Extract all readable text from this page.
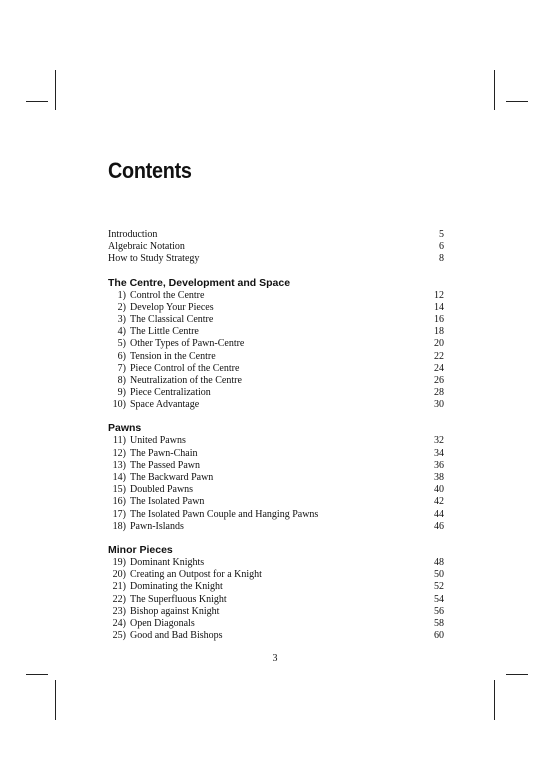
Contents
Introduction	5
Algebraic Notation	6
How to Study Strategy	8
The Centre, Development and Space
1) Control the Centre	12
2) Develop Your Pieces	14
3) The Classical Centre	16
4) The Little Centre	18
5) Other Types of Pawn-Centre	20
6) Tension in the Centre	22
7) Piece Control of the Centre	24
8) Neutralization of the Centre	26
9) Piece Centralization	28
10) Space Advantage	30
Pawns
11) United Pawns	32
12) The Pawn-Chain	34
13) The Passed Pawn	36
14) The Backward Pawn	38
15) Doubled Pawns	40
16) The Isolated Pawn	42
17) The Isolated Pawn Couple and Hanging Pawns	44
18) Pawn-Islands	46
Minor Pieces
19) Dominant Knights	48
20) Creating an Outpost for a Knight	50
21) Dominating the Knight	52
22) The Superfluous Knight	54
23) Bishop against Knight	56
24) Open Diagonals	58
25) Good and Bad Bishops	60
3
